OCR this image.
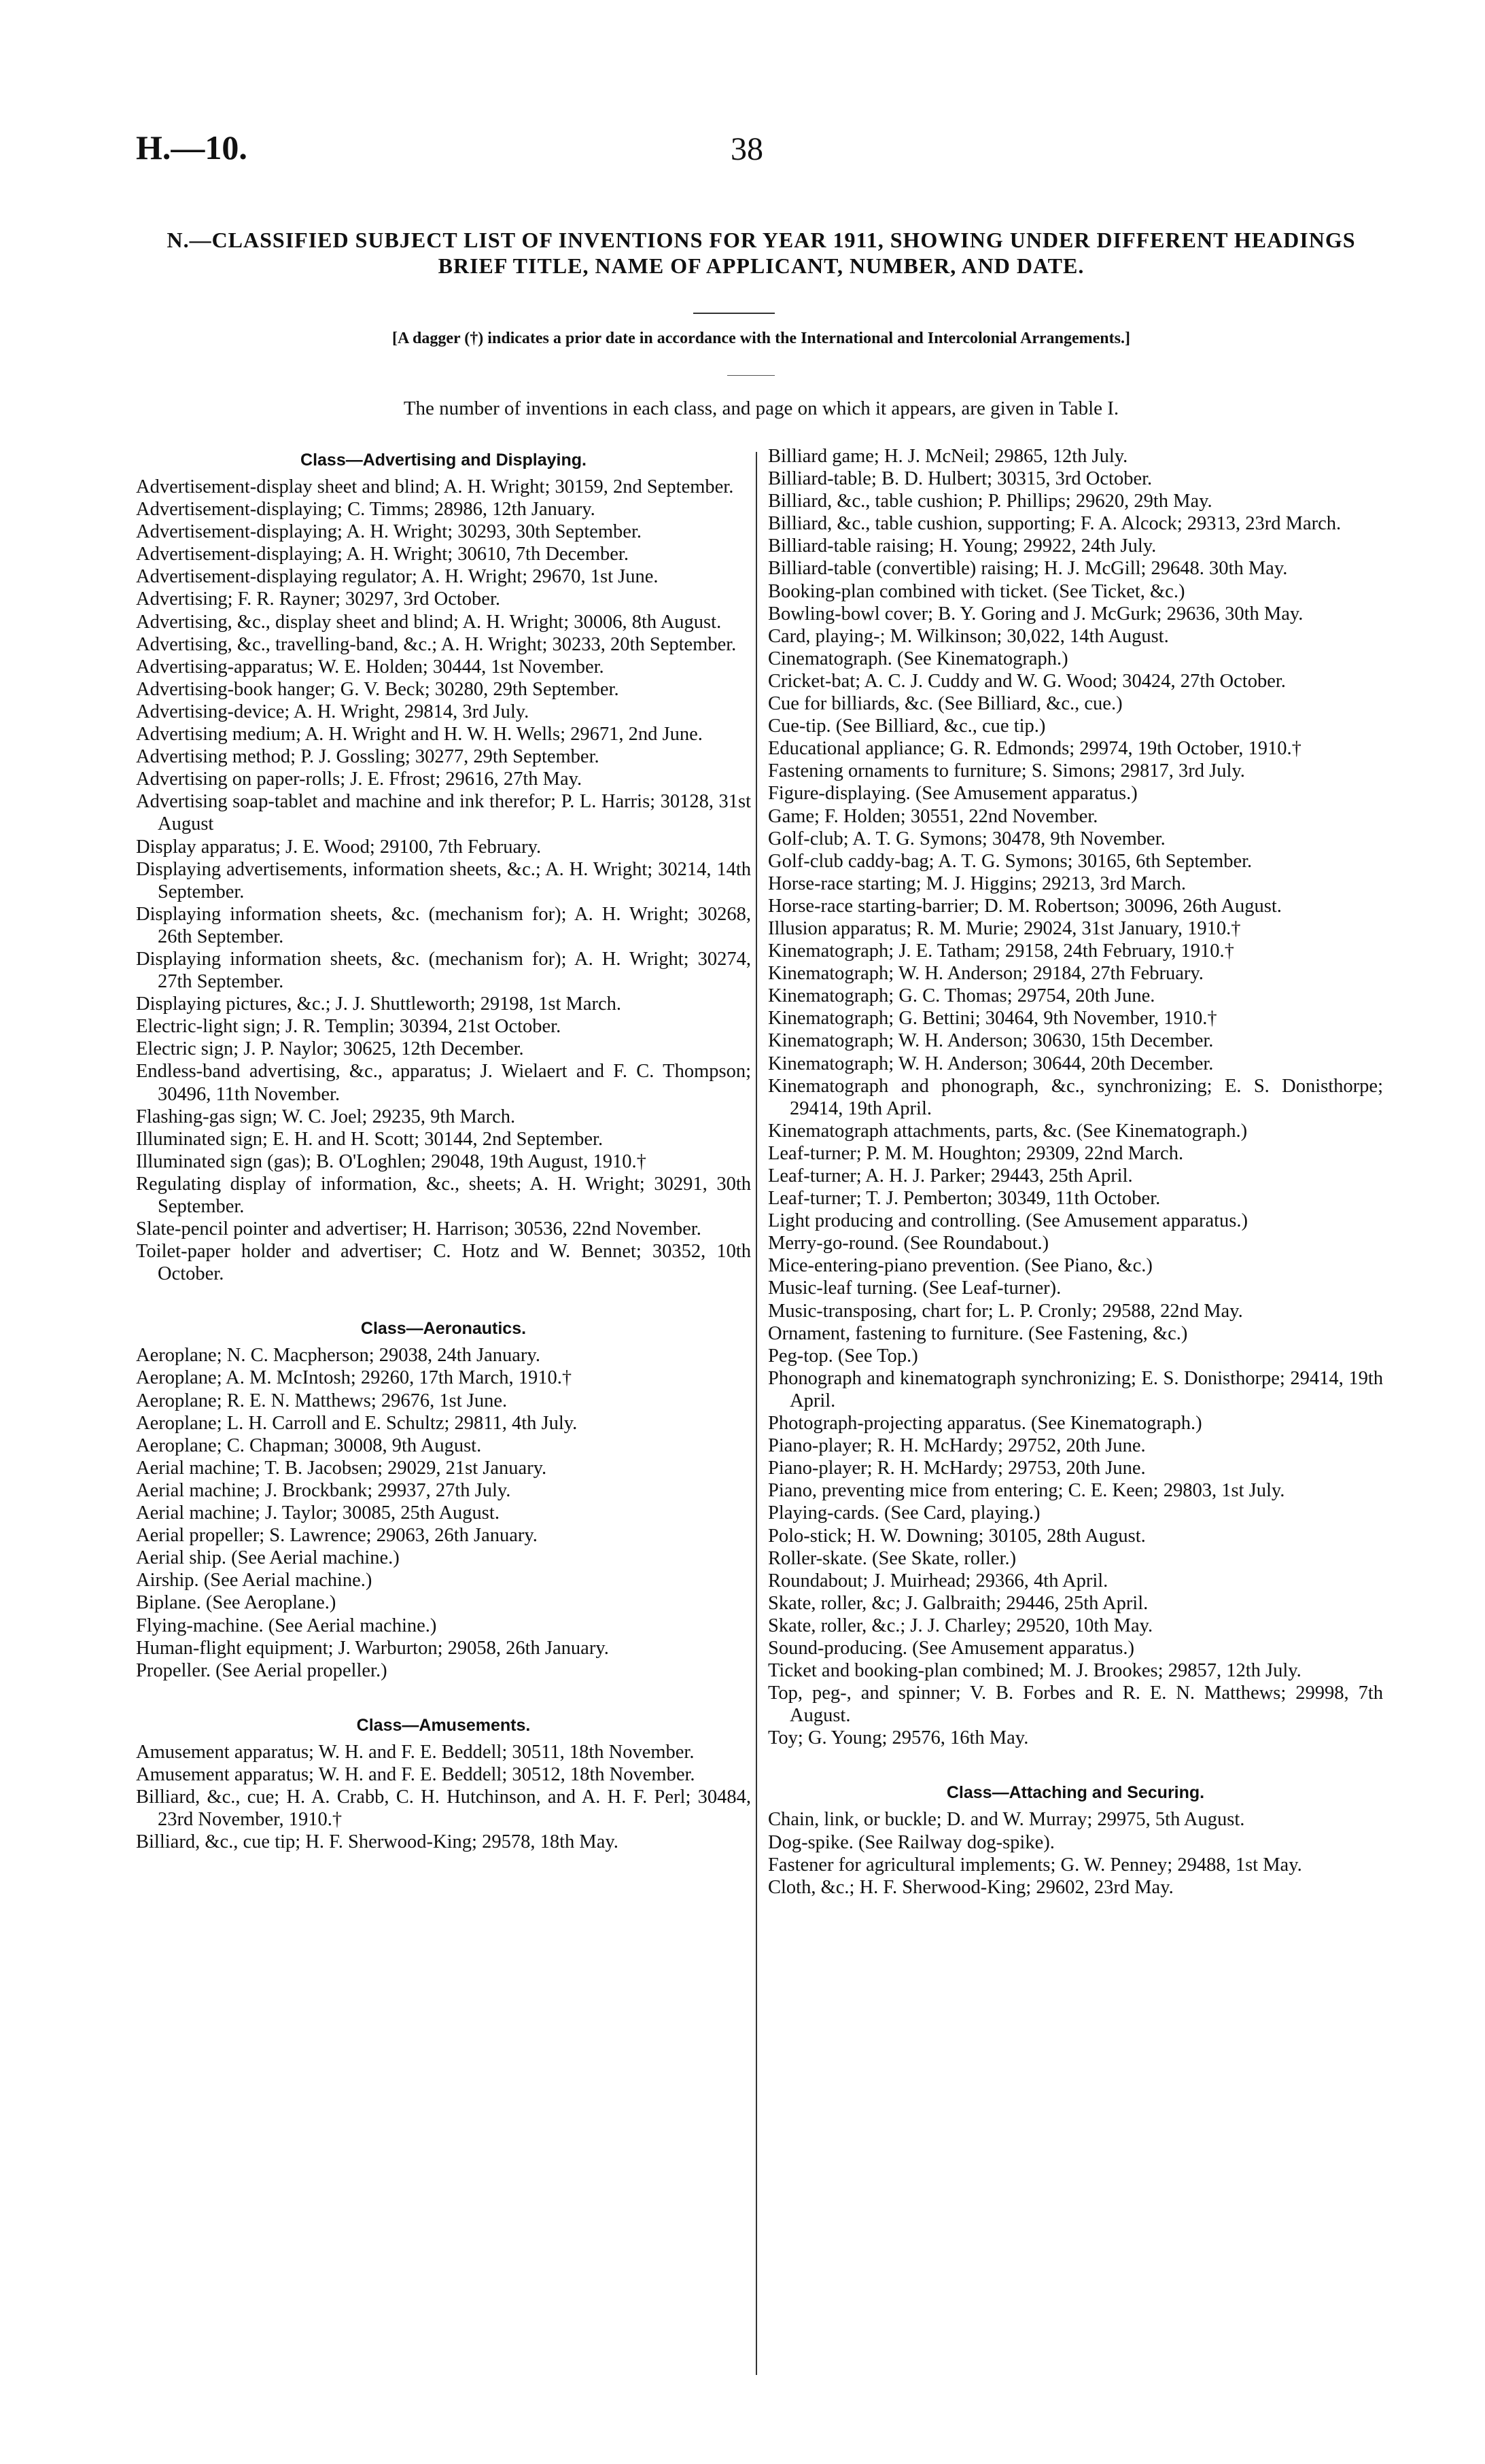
H.—10.	38
N.—CLASSIFIED SUBJECT LIST OF INVENTIONS FOR YEAR 1911, SHOWING UNDER DIFFERENT HEADINGS BRIEF TITLE, NAME OF APPLICANT, NUMBER, AND DATE.
[A dagger (†) indicates a prior date in accordance with the International and Intercolonial Arrangements.]
The number of inventions in each class, and page on which it appears, are given in Table I.
Class—Advertising and Displaying.
Advertisement-display sheet and blind; A. H. Wright; 30159, 2nd September.
Advertisement-displaying; C. Timms; 28986, 12th January.
Advertisement-displaying; A. H. Wright; 30293, 30th September.
Advertisement-displaying; A. H. Wright; 30610, 7th December.
Advertisement-displaying regulator; A. H. Wright; 29670, 1st June.
Advertising; F. R. Rayner; 30297, 3rd October.
Advertising, &c., display sheet and blind; A. H. Wright; 30006, 8th August.
Advertising, &c., travelling-band, &c.; A. H. Wright; 30233, 20th September.
Advertising-apparatus; W. E. Holden; 30444, 1st November.
Advertising-book hanger; G. V. Beck; 30280, 29th September.
Advertising-device; A. H. Wright, 29814, 3rd July.
Advertising medium; A. H. Wright and H. W. H. Wells; 29671, 2nd June.
Advertising method; P. J. Gossling; 30277, 29th September.
Advertising on paper-rolls; J. E. Ffrost; 29616, 27th May.
Advertising soap-tablet and machine and ink therefor; P. L. Harris; 30128, 31st August
Display apparatus; J. E. Wood; 29100, 7th February.
Displaying advertisements, information sheets, &c.; A. H. Wright; 30214, 14th September.
Displaying information sheets, &c. (mechanism for); A. H. Wright; 30268, 26th September.
Displaying information sheets, &c. (mechanism for); A. H. Wright; 30274, 27th September.
Displaying pictures, &c.; J. J. Shuttleworth; 29198, 1st March.
Electric-light sign; J. R. Templin; 30394, 21st October.
Electric sign; J. P. Naylor; 30625, 12th December.
Endless-band advertising, &c., apparatus; J. Wielaert and F. C. Thompson; 30496, 11th November.
Flashing-gas sign; W. C. Joel; 29235, 9th March.
Illuminated sign; E. H. and H. Scott; 30144, 2nd September.
Illuminated sign (gas); B. O'Loghlen; 29048, 19th August, 1910.†
Regulating display of information, &c., sheets; A. H. Wright; 30291, 30th September.
Slate-pencil pointer and advertiser; H. Harrison; 30536, 22nd November.
Toilet-paper holder and advertiser; C. Hotz and W. Bennet; 30352, 10th October.
Class—Aeronautics.
Aeroplane; N. C. Macpherson; 29038, 24th January.
Aeroplane; A. M. McIntosh; 29260, 17th March, 1910.†
Aeroplane; R. E. N. Matthews; 29676, 1st June.
Aeroplane; L. H. Carroll and E. Schultz; 29811, 4th July.
Aeroplane; C. Chapman; 30008, 9th August.
Aerial machine; T. B. Jacobsen; 29029, 21st January.
Aerial machine; J. Brockbank; 29937, 27th July.
Aerial machine; J. Taylor; 30085, 25th August.
Aerial propeller; S. Lawrence; 29063, 26th January.
Aerial ship. (See Aerial machine.)
Airship. (See Aerial machine.)
Biplane. (See Aeroplane.)
Flying-machine. (See Aerial machine.)
Human-flight equipment; J. Warburton; 29058, 26th January.
Propeller. (See Aerial propeller.)
Class—Amusements.
Amusement apparatus; W. H. and F. E. Beddell; 30511, 18th November.
Amusement apparatus; W. H. and F. E. Beddell; 30512, 18th November.
Billiard, &c., cue; H. A. Crabb, C. H. Hutchinson, and A. H. F. Perl; 30484, 23rd November, 1910.†
Billiard, &c., cue tip; H. F. Sherwood-King; 29578, 18th May.
Billiard game; H. J. McNeil; 29865, 12th July.
Billiard-table; B. D. Hulbert; 30315, 3rd October.
Billiard, &c., table cushion; P. Phillips; 29620, 29th May.
Billiard, &c., table cushion, supporting; F. A. Alcock; 29313, 23rd March.
Billiard-table raising; H. Young; 29922, 24th July.
Billiard-table (convertible) raising; H. J. McGill; 29648. 30th May.
Booking-plan combined with ticket. (See Ticket, &c.)
Bowling-bowl cover; B. Y. Goring and J. McGurk; 29636, 30th May.
Card, playing-; M. Wilkinson; 30,022, 14th August.
Cinematograph. (See Kinematograph.)
Cricket-bat; A. C. J. Cuddy and W. G. Wood; 30424, 27th October.
Cue for billiards, &c. (See Billiard, &c., cue.)
Cue-tip. (See Billiard, &c., cue tip.)
Educational appliance; G. R. Edmonds; 29974, 19th October, 1910.†
Fastening ornaments to furniture; S. Simons; 29817, 3rd July.
Figure-displaying. (See Amusement apparatus.)
Game; F. Holden; 30551, 22nd November.
Golf-club; A. T. G. Symons; 30478, 9th November.
Golf-club caddy-bag; A. T. G. Symons; 30165, 6th September.
Horse-race starting; M. J. Higgins; 29213, 3rd March.
Horse-race starting-barrier; D. M. Robertson; 30096, 26th August.
Illusion apparatus; R. M. Murie; 29024, 31st January, 1910.†
Kinematograph; J. E. Tatham; 29158, 24th February, 1910.†
Kinematograph; W. H. Anderson; 29184, 27th February.
Kinematograph; G. C. Thomas; 29754, 20th June.
Kinematograph; G. Bettini; 30464, 9th November, 1910.†
Kinematograph; W. H. Anderson; 30630, 15th December.
Kinematograph; W. H. Anderson; 30644, 20th December.
Kinematograph and phonograph, &c., synchronizing; E. S. Donisthorpe; 29414, 19th April.
Kinematograph attachments, parts, &c. (See Kinematograph.)
Leaf-turner; P. M. M. Houghton; 29309, 22nd March.
Leaf-turner; A. H. J. Parker; 29443, 25th April.
Leaf-turner; T. J. Pemberton; 30349, 11th October.
Light producing and controlling. (See Amusement apparatus.)
Merry-go-round. (See Roundabout.)
Mice-entering-piano prevention. (See Piano, &c.)
Music-leaf turning. (See Leaf-turner).
Music-transposing, chart for; L. P. Cronly; 29588, 22nd May.
Ornament, fastening to furniture. (See Fastening, &c.)
Peg-top. (See Top.)
Phonograph and kinematograph synchronizing; E. S. Donisthorpe; 29414, 19th April.
Photograph-projecting apparatus. (See Kinematograph.)
Piano-player; R. H. McHardy; 29752, 20th June.
Piano-player; R. H. McHardy; 29753, 20th June.
Piano, preventing mice from entering; C. E. Keen; 29803, 1st July.
Playing-cards. (See Card, playing.)
Polo-stick; H. W. Downing; 30105, 28th August.
Roller-skate. (See Skate, roller.)
Roundabout; J. Muirhead; 29366, 4th April.
Skate, roller, &c; J. Galbraith; 29446, 25th April.
Skate, roller, &c.; J. J. Charley; 29520, 10th May.
Sound-producing. (See Amusement apparatus.)
Ticket and booking-plan combined; M. J. Brookes; 29857, 12th July.
Top, peg-, and spinner; V. B. Forbes and R. E. N. Matthews; 29998, 7th August.
Toy; G. Young; 29576, 16th May.
Class—Attaching and Securing.
Chain, link, or buckle; D. and W. Murray; 29975, 5th August.
Dog-spike. (See Railway dog-spike).
Fastener for agricultural implements; G. W. Penney; 29488, 1st May.
Cloth, &c.; H. F. Sherwood-King; 29602, 23rd May.
